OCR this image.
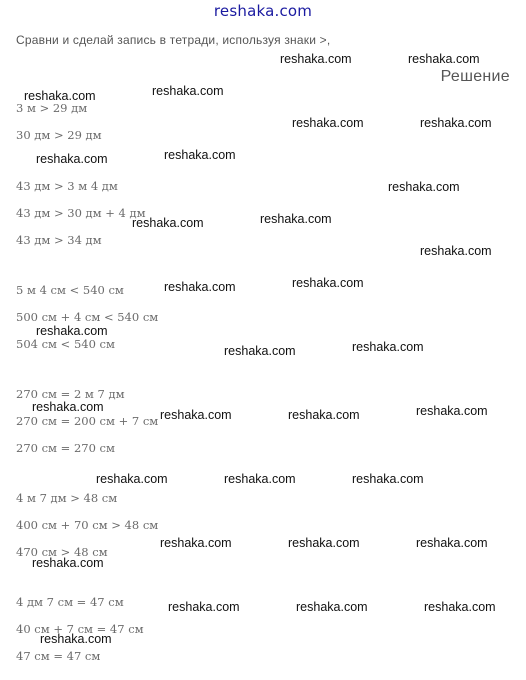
reshaka.com
Сравни и сделай запись в тетради, используя знаки >,
Решение
3 м > 29 дм
30 дм > 29 дм
43 дм > 3 м 4 дм
43 дм > 30 дм + 4 дм
43 дм > 34 дм
5 м 4 см < 540 см
500 см + 4 см < 540 см
504 см < 540 см
270 см = 2 м 7 дм
270 см = 200 см + 7 см
270 см = 270 см
4 м 7 дм > 48 см
400 см + 70 см > 48 см
470 см > 48 см
4 дм 7 см = 47 см
40 см + 7 см = 47 см
47 см = 47 см
reshaka.com	reshaka.com
reshaka.com	reshaka.com
reshaka.com	reshaka.com
reshaka.com	reshaka.com
reshaka.com
reshaka.com	reshaka.com
reshaka.com
reshaka.com	reshaka.com
reshaka.com
reshaka.com	reshaka.com
reshaka.com
reshaka.com	reshaka.com	reshaka.com
reshaka.com	reshaka.com	reshaka.com
reshaka.com	reshaka.com	reshaka.com
reshaka.com
reshaka.com	reshaka.com	reshaka.com
reshaka.com
